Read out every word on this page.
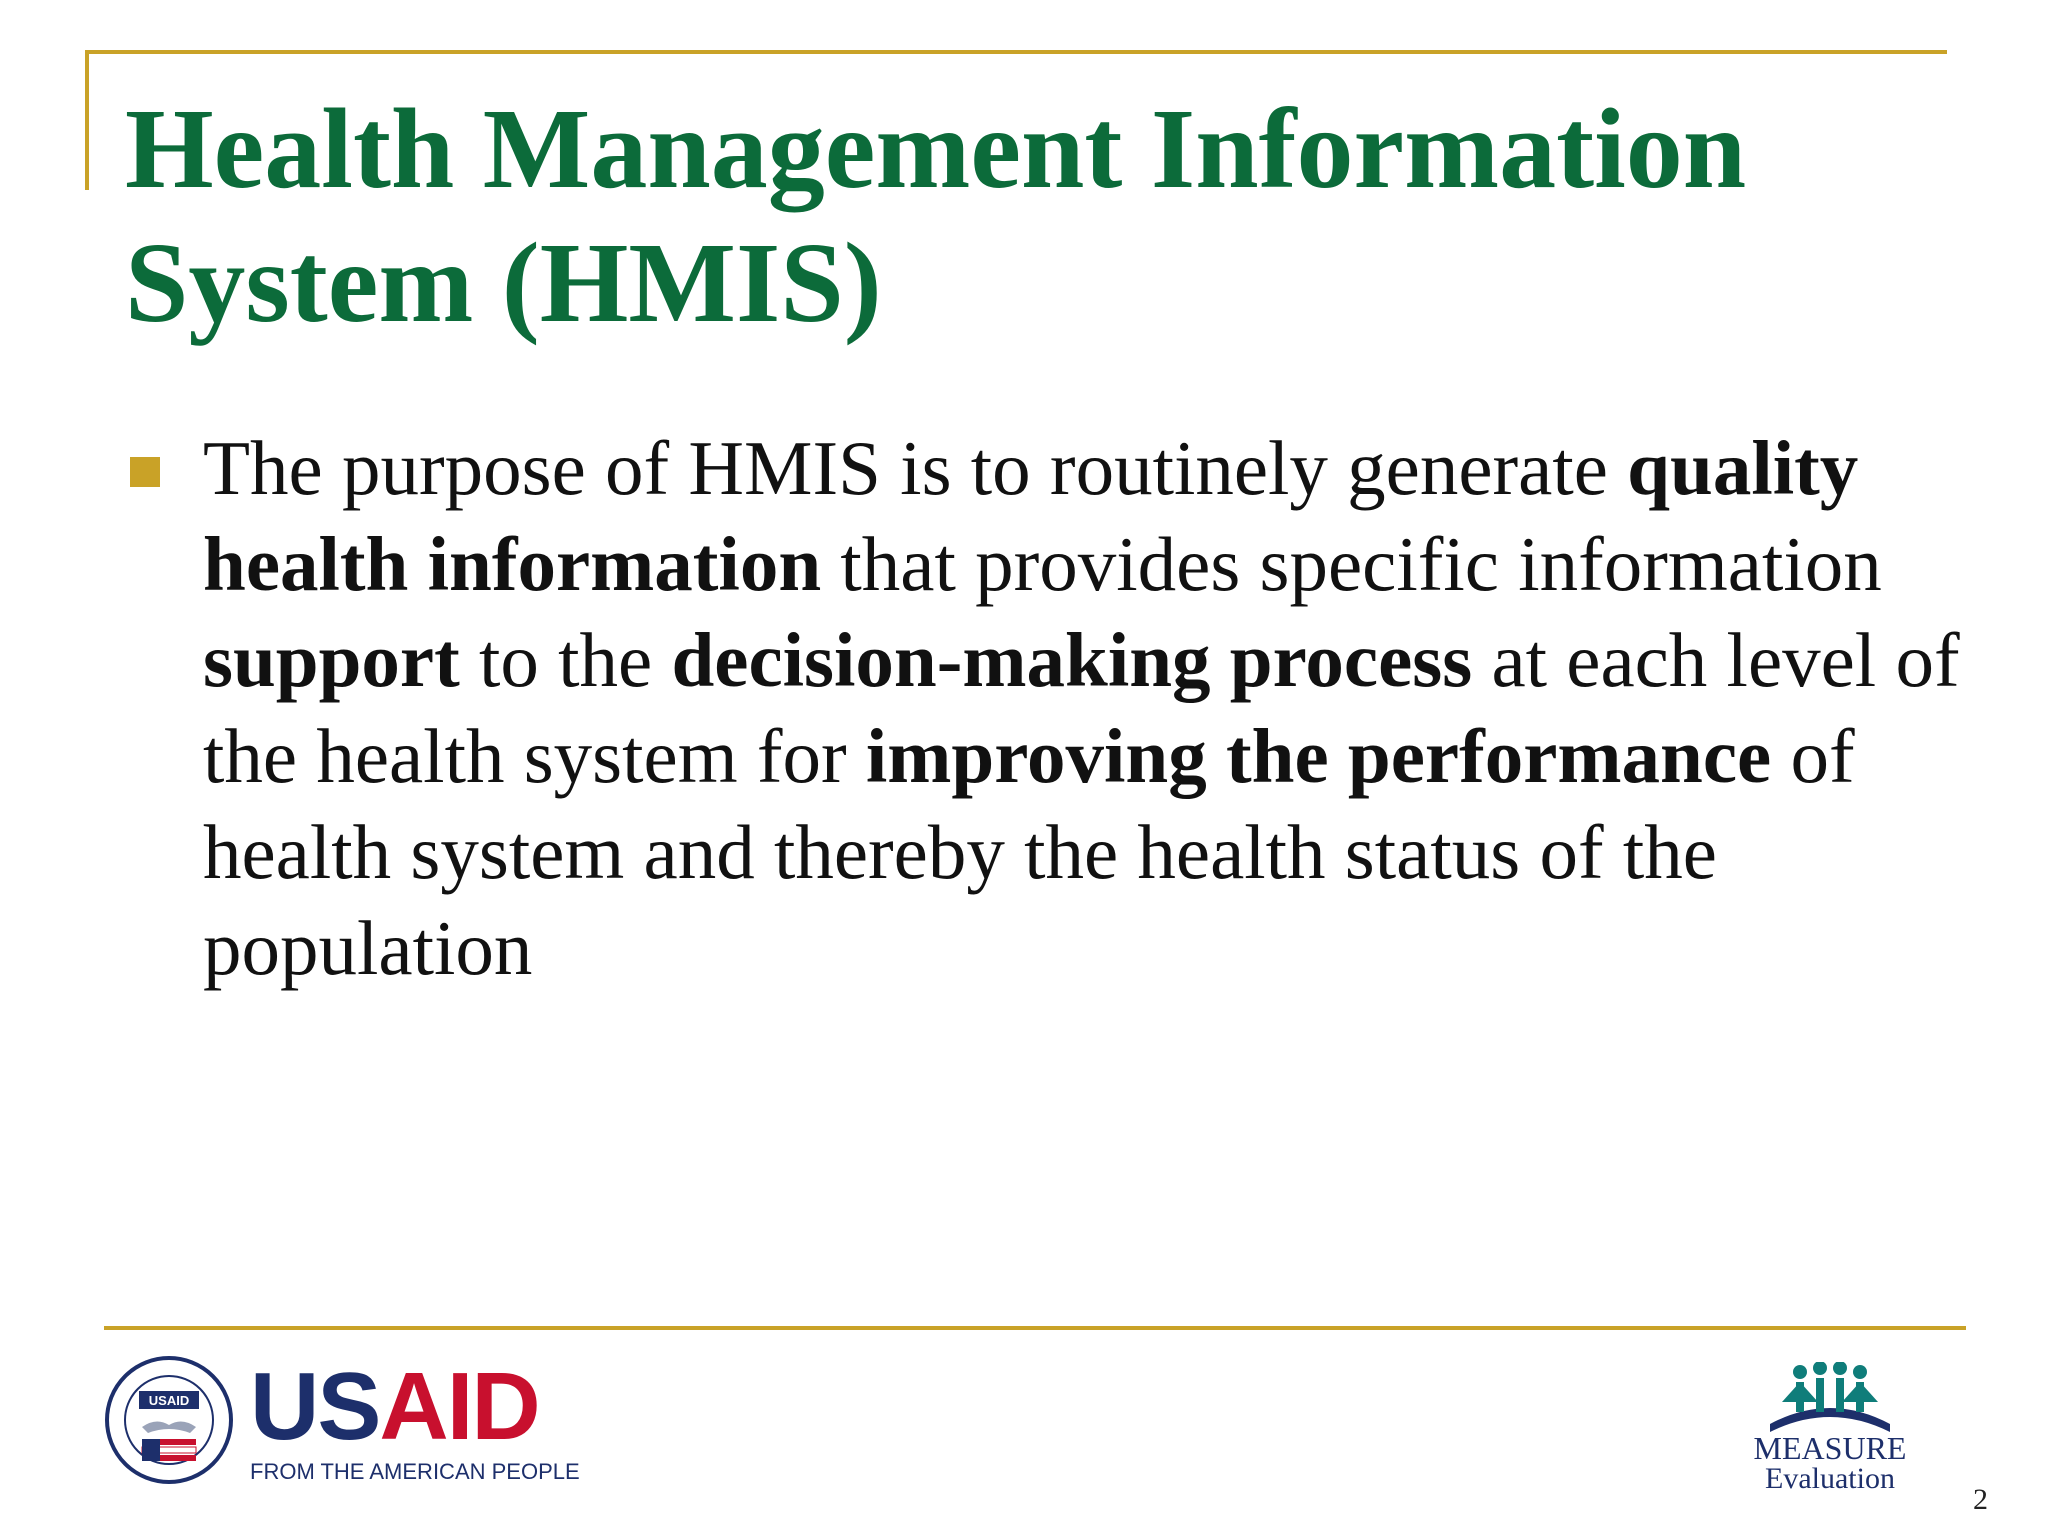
Health Management Information System (HMIS)

The purpose of HMIS is to routinely generate quality health information that provides specific information support to the decision-making process at each level of the health system for improving the performance of health system and thereby the health status of the population

USAID USAID
FROM THE AMERICAN PEOPLE
MEASURE
Evaluation
2
